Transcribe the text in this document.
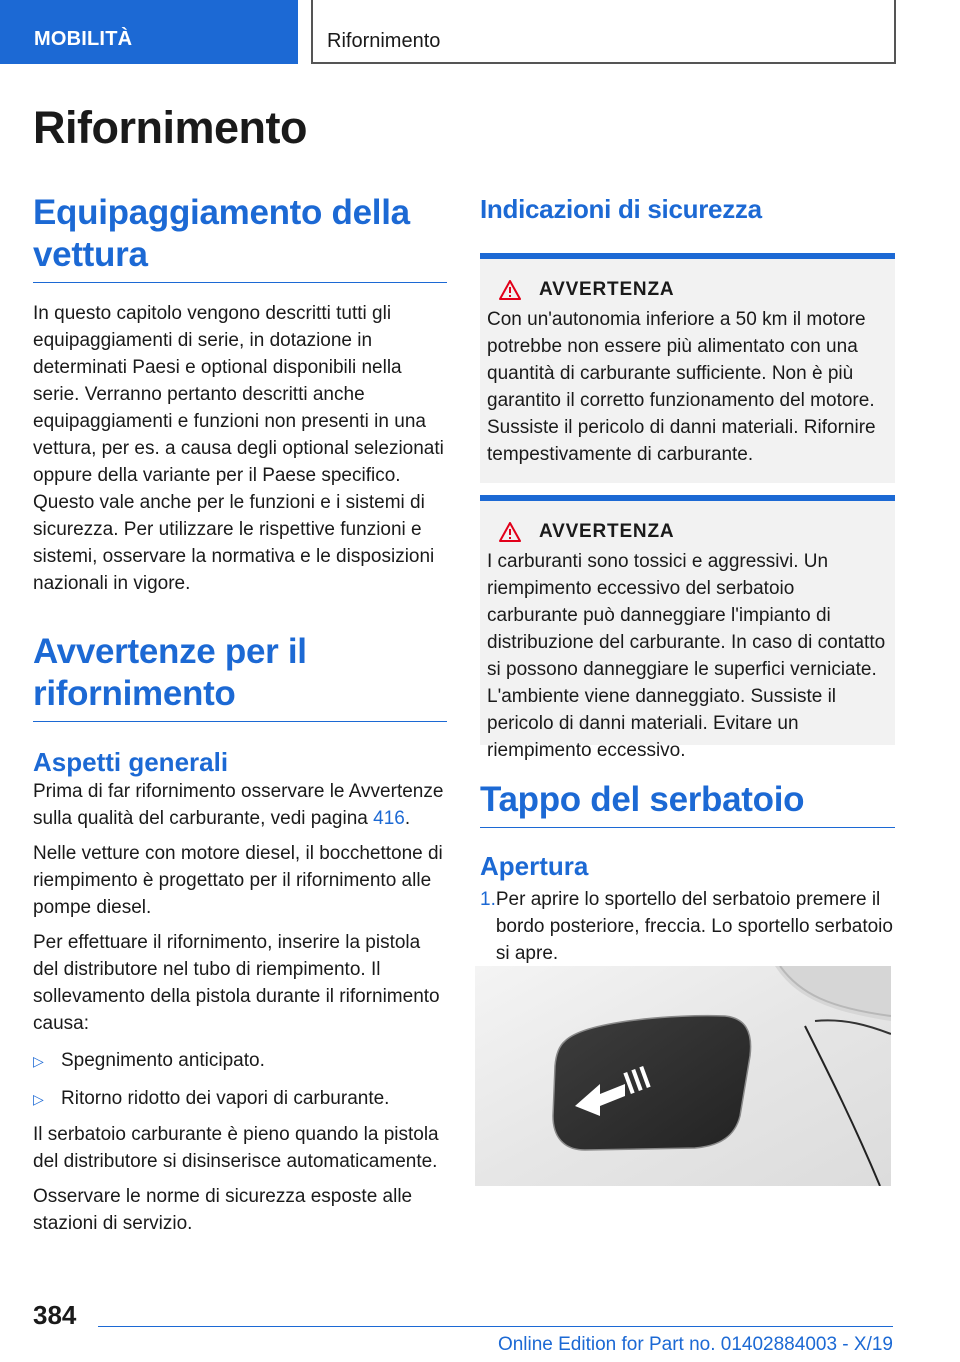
MOBILITÀ	Rifornimento
Rifornimento
Equipaggiamento della vettura

In questo capitolo vengono descritti tutti gli equipaggiamenti di serie, in dotazione in determinati Paesi e optional disponibili nella serie. Verranno pertanto descritti anche equipaggiamenti e funzioni non presenti in una vettura, per es. a causa degli optional selezionati oppure della variante per il Paese specifico. Questo vale anche per le funzioni e i sistemi di sicurezza. Per utilizzare le rispettive funzioni e sistemi, osservare la normativa e le disposizioni nazionali in vigore.

Avvertenze per il rifornimento
Aspetti generali

Prima di far rifornimento osservare le Avvertenze sulla qualità del carburante, vedi pagina 416.

Nelle vetture con motore diesel, il bocchettone di riempimento è progettato per il rifornimento alle pompe diesel.

Per effettuare il rifornimento, inserire la pistola del distributore nel tubo di riempimento. Il sollevamento della pistola durante il rifornimento causa:

▷ Spegnimento anticipato.
▷ Ritorno ridotto dei vapori di carburante.

Il serbatoio carburante è pieno quando la pistola del distributore si disinserisce automaticamente.

Osservare le norme di sicurezza esposte alle stazioni di servizio.

Indicazioni di sicurezza
AVVERTENZA

Con un'autonomia inferiore a 50 km il motore potrebbe non essere più alimentato con una quantità di carburante sufficiente. Non è più garantito il corretto funzionamento del motore. Sussiste il pericolo di danni materiali. Rifornire tempestivamente di carburante.

AVVERTENZA

I carburanti sono tossici e aggressivi. Un riempimento eccessivo del serbatoio carburante può danneggiare l'impianto di distribuzione del carburante. In caso di contatto si possono danneggiare le superfici verniciate. L'ambiente viene danneggiato. Sussiste il pericolo di danni materiali. Evitare un riempimento eccessivo.

Tappo del serbatoio
Apertura
1. Per aprire lo sportello del serbatoio premere il bordo posteriore, freccia. Lo sportello serbatoio si apre.
384
Online Edition for Part no. 01402884003 - X/19
